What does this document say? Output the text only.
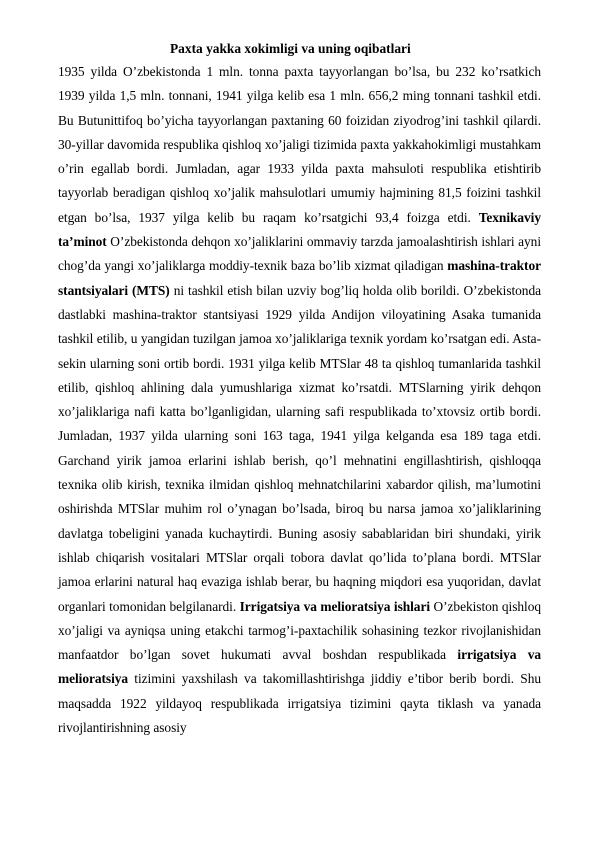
Paxta yakka xokimligi va uning oqibatlari

1935 yilda O’zbekistonda 1 mln. tonna paxta tayyorlangan bo’lsa, bu 232 ko’rsatkich 1939 yilda 1,5 mln. tonnani, 1941 yilga kelib esa 1 mln. 656,2 ming tonnani tashkil etdi. Bu Butunittifoq bo’yicha tayyorlangan paxtaning 60 foizidan ziyodrog’ini tashkil qilardi. 30-yillar davomida respublika qishloq xo’jaligi tizimida paxta yakkahokimligi mustahkam o’rin egallab bordi. Jumladan, agar 1933 yilda paxta mahsuloti respublika etishtirib tayyorlab beradigan qishloq xo’jalik mahsulotlari umumiy hajmining 81,5 foizini tashkil etgan bo’lsa, 1937 yilga kelib bu raqam ko’rsatgichi 93,4 foizga etdi. Texnikaviy ta’minot O’zbekistonda dehqon xo’jaliklarini ommaviy tarzda jamoalashtirish ishlari ayni chog’da yangi xo’jaliklarga moddiy-texnik baza bo’lib xizmat qiladigan mashina-traktor stantsiyalari (MTS) ni tashkil etish bilan uzviy bog’liq holda olib borildi. O’zbekistonda dastlabki mashina-traktor stantsiyasi 1929 yilda Andijon viloyatining Asaka tumanida tashkil etilib, u yangidan tuzilgan jamoa xo’jaliklariga texnik yordam ko’rsatgan edi. Asta-sekin ularning soni ortib bordi. 1931 yilga kelib MTSlar 48 ta qishloq tumanlarida tashkil etilib, qishloq ahlining dala yumushlariga xizmat ko’rsatdi. MTSlarning yirik dehqon xo’jaliklariga nafi katta bo’lganligidan, ularning safi respublikada to’xtovsiz ortib bordi. Jumladan, 1937 yilda ularning soni 163 taga, 1941 yilga kelganda esa 189 taga etdi. Garchand yirik jamoa erlarini ishlab berish, qo’l mehnatini engillashtirish, qishloqqa texnika olib kirish, texnika ilmidan qishloq mehnatchilarini xabardor qilish, ma’lumotini oshirishda MTSlar muhim rol o’ynagan bo’lsada, biroq bu narsa jamoa xo’jaliklarining davlatga tobeligini yanada kuchaytirdi. Buning asosiy sabablaridan biri shundaki, yirik ishlab chiqarish vositalari MTSlar orqali tobora davlat qo’lida to’plana bordi. MTSlar jamoa erlarini natural haq evaziga ishlab berar, bu haqning miqdori esa yuqoridan, davlat organlari tomonidan belgilanardi. Irrigatsiya va melioratsiya ishlari O’zbekiston qishloq xo’jaligi va ayniqsa uning etakchi tarmog’i-paxtachilik sohasining tezkor rivojlanishidan manfaatdor bo’lgan sovet hukumati avval boshdan respublikada irrigatsiya va melioratsiya tizimini yaxshilash va takomillashtirishga jiddiy e’tibor berib bordi. Shu maqsadda 1922 yildayoq respublikada irrigatsiya tizimini qayta tiklash va yanada rivojlantirishning asosiy
